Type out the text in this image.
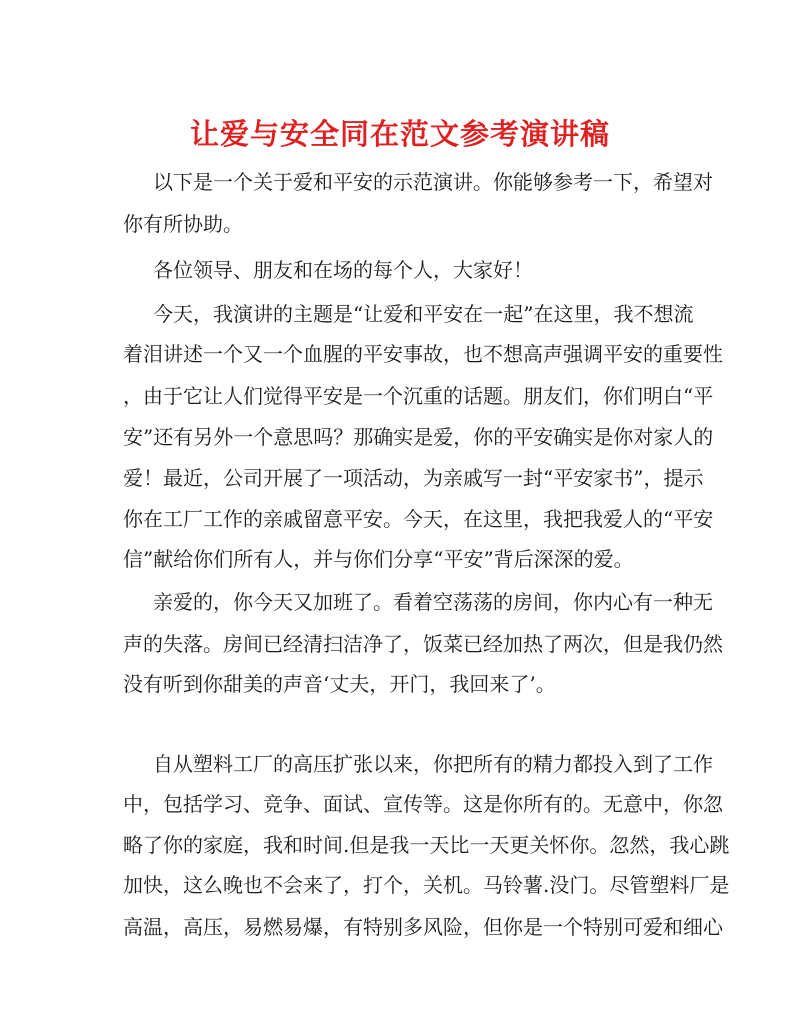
让爱与安全同在范文参考演讲稿
以下是一个关于爱和平安的示范演讲。你能够参考一下，希望对
你有所协助。
各位领导、朋友和在场的每个人，大家好！
今天，我演讲的主题是“让爱和平安在一起”在这里，我不想流
着泪讲述一个又一个血腥的平安事故，也不想高声强调平安的重要性
，由于它让人们觉得平安是一个沉重的话题。朋友们，你们明白“平
安”还有另外一个意思吗？那确实是爱，你的平安确实是你对家人的
爱！最近，公司开展了一项活动，为亲戚写一封“平安家书”，提示
你在工厂工作的亲戚留意平安。今天，在这里，我把我爱人的“平安
信”献给你们所有人，并与你们分享“平安”背后深深的爱。
亲爱的，你今天又加班了。看着空荡荡的房间，你内心有一种无
声的失落。房间已经清扫洁净了，饭菜已经加热了两次，但是我仍然
没有听到你甜美的声音‘丈夫，开门，我回来了’。
自从塑料工厂的高压扩张以来，你把所有的精力都投入到了工作
中，包括学习、竞争、面试、宣传等。这是你所有的。无意中，你忽
略了你的家庭，我和时间.但是我一天比一天更关怀你。忽然，我心跳
加快，这么晚也不会来了，打个，关机。马铃薯.没门。尽管塑料厂是
高温，高压，易燃易爆，有特别多风险，但你是一个特别可爱和细心
